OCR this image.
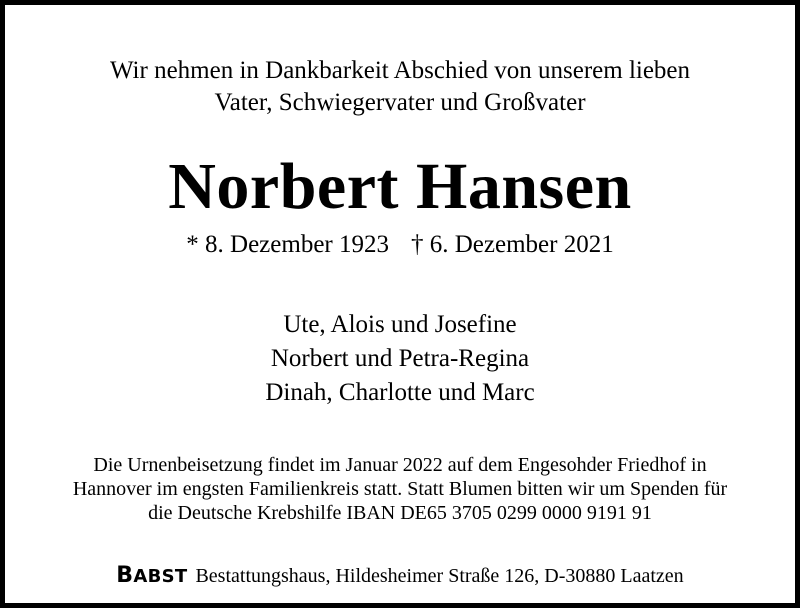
Wir nehmen in Dankbarkeit Abschied von unserem lieben
Vater, Schwiegervater und Großvater
Norbert Hansen
* 8. Dezember 1923 † 6. Dezember 2021
Ute, Alois und Josefine
Norbert und Petra-Regina
Dinah, Charlotte und Marc
Die Urnenbeisetzung findet im Januar 2022 auf dem Engesohder Friedhof in
Hannover im engsten Familienkreis statt. Statt Blumen bitten wir um Spenden für
die Deutsche Krebshilfe IBAN DE65 3705 0299 0000 9191 91
BABST Bestattungshaus, Hildesheimer Straße 126, D-30880 Laatzen
